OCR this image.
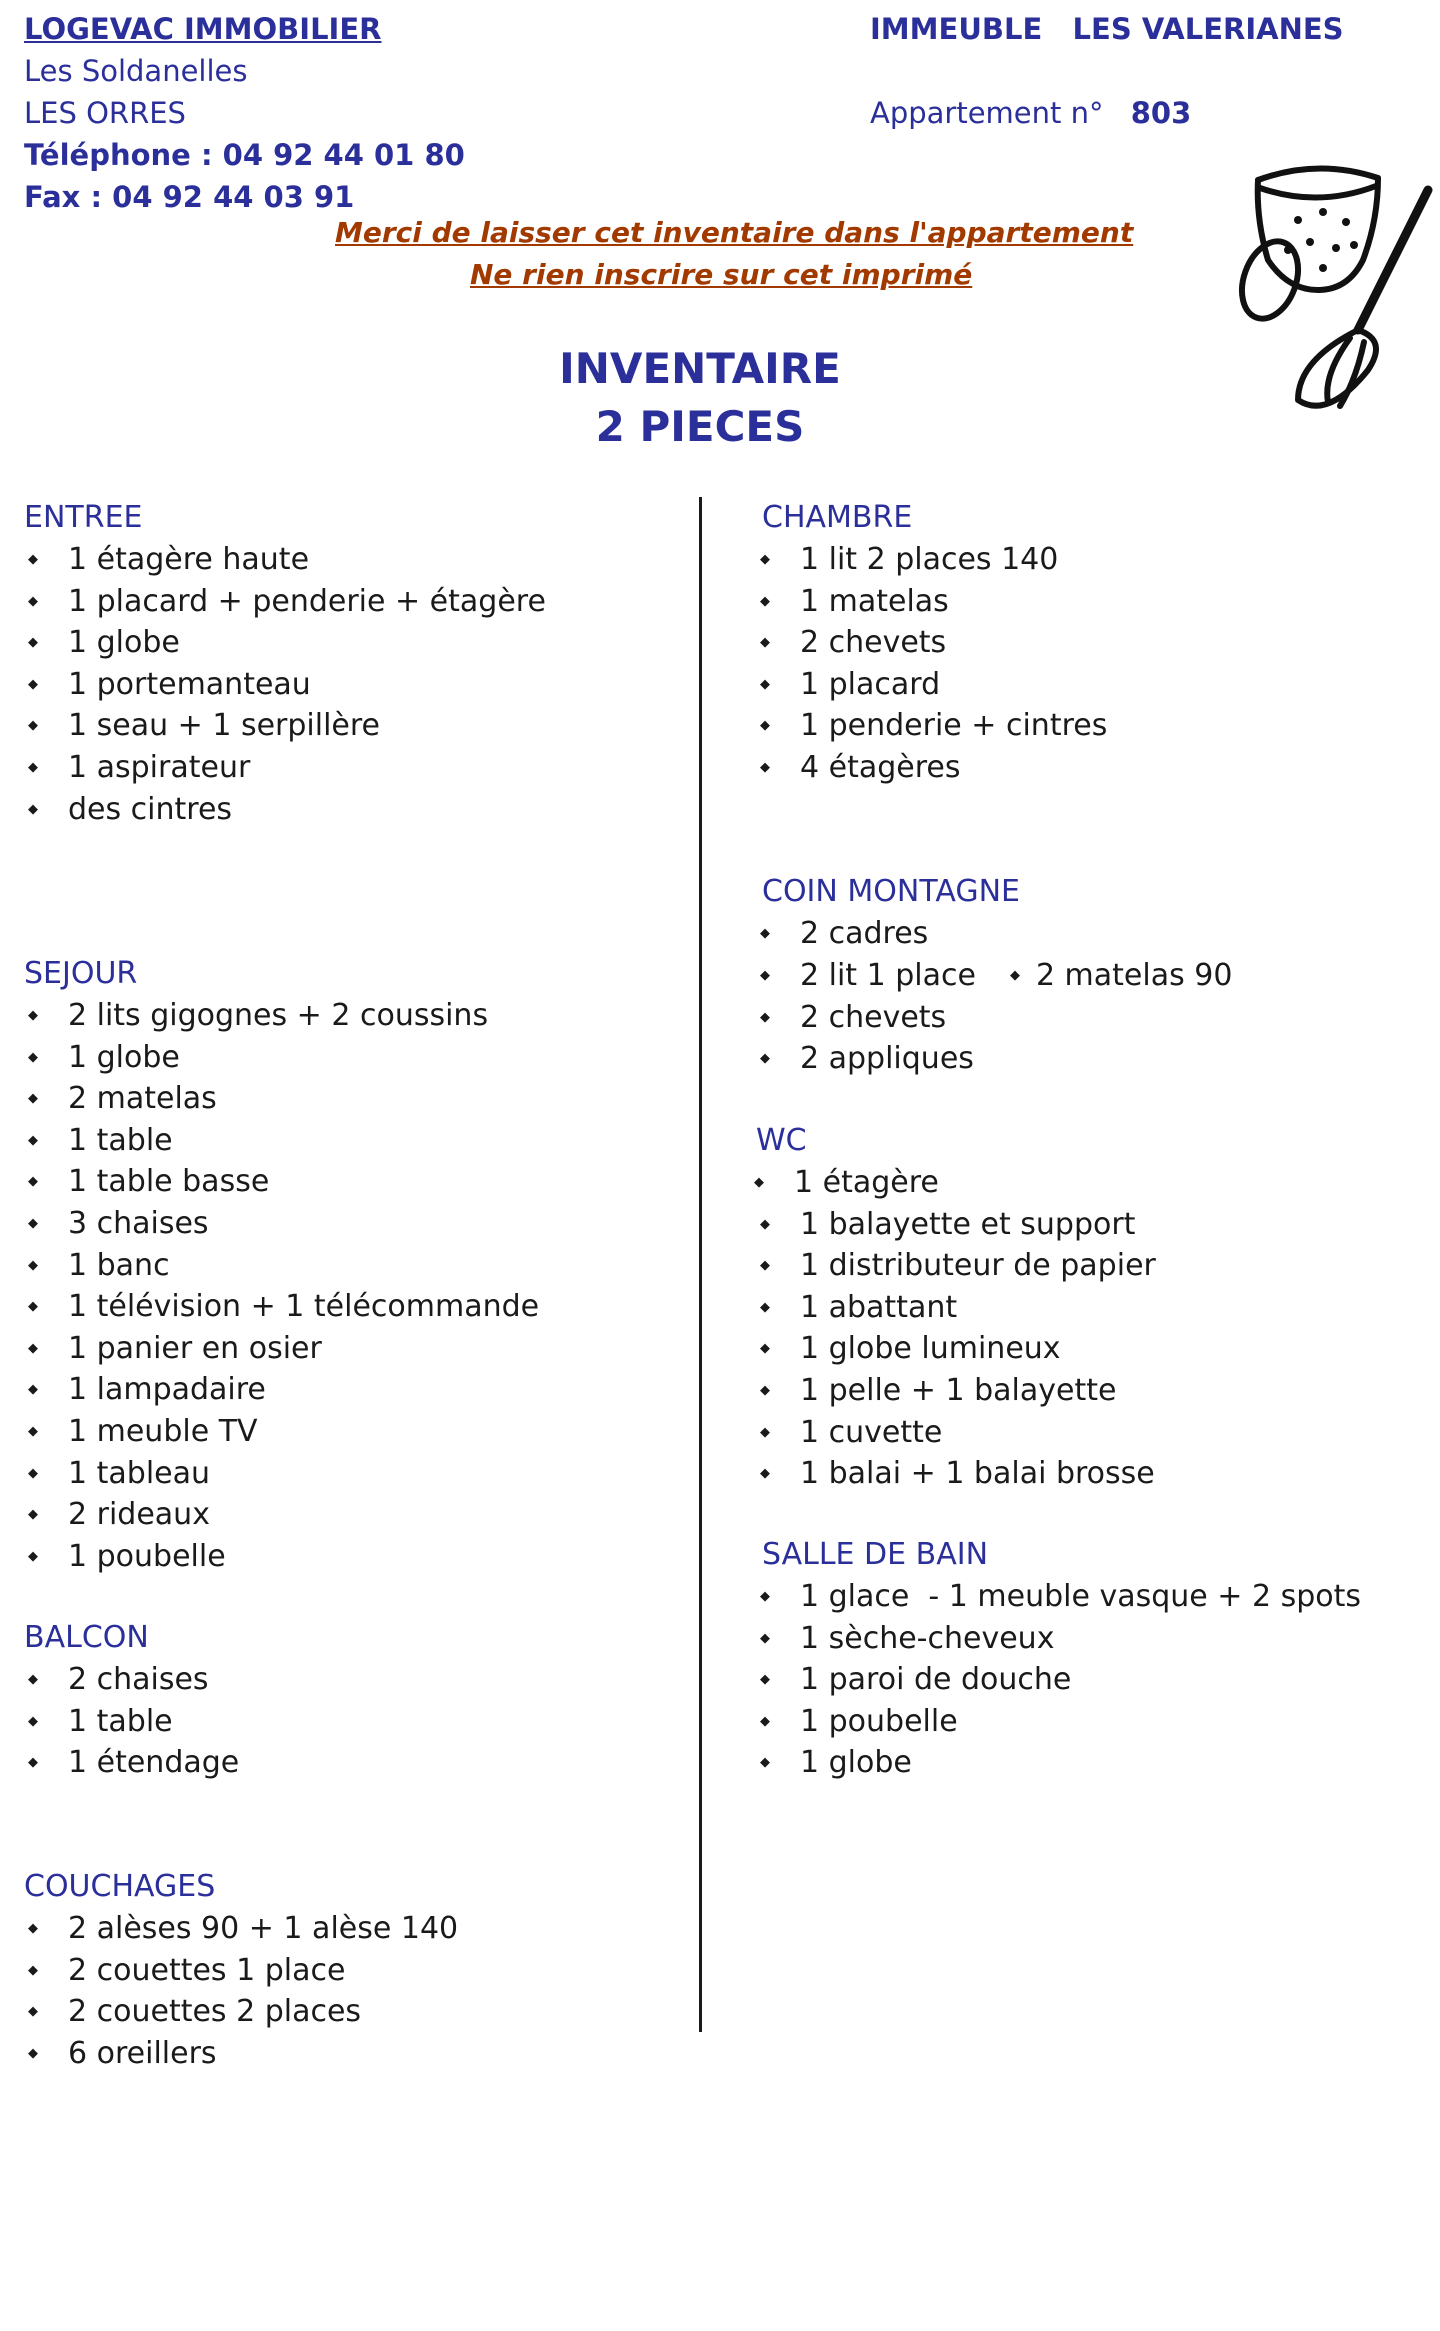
LOGEVAC IMMOBILIER
Les Soldanelles
LES ORRES
Téléphone : 04 92 44 01 80
Fax : 04 92 44 03 91
IMMEUBLE   LES VALERIANES
Appartement n° 803
Merci de laisser cet inventaire dans l'appartement
Ne rien inscrire sur cet imprimé
INVENTAIRE
2 PIECES
ENTREE
◆ 1 étagère haute
◆ 1 placard + penderie + étagère
◆ 1 globe
◆ 1 portemanteau
◆ 1 seau + 1 serpillère
◆ 1 aspirateur
◆ des cintres
SEJOUR
◆ 2 lits gigognes + 2 coussins
◆ 1 globe
◆ 2 matelas
◆ 1 table
◆ 1 table basse
◆ 3 chaises
◆ 1 banc
◆ 1 télévision + 1 télécommande
◆ 1 panier en osier
◆ 1 lampadaire
◆ 1 meuble TV
◆ 1 tableau
◆ 2 rideaux
◆ 1 poubelle
BALCON
◆ 2 chaises
◆ 1 table
◆ 1 étendage
COUCHAGES
◆ 2 alèses 90 + 1 alèse 140
◆ 2 couettes 1 place
◆ 2 couettes 2 places
◆ 6 oreillers
CHAMBRE
◆ 1 lit 2 places 140
◆ 1 matelas
◆ 2 chevets
◆ 1 placard
◆ 1 penderie + cintres
◆ 4 étagères
COIN MONTAGNE
◆ 2 cadres
◆ 2 lit 1 place ◆ 2 matelas 90
◆ 2 chevets
◆ 2 appliques
WC
◆ 1 étagère
◆ 1 balayette et support
◆ 1 distributeur de papier
◆ 1 abattant
◆ 1 globe lumineux
◆ 1 pelle + 1 balayette
◆ 1 cuvette
◆ 1 balai + 1 balai brosse
SALLE DE BAIN
◆ 1 glace  - 1 meuble vasque + 2 spots
◆ 1 sèche-cheveux
◆ 1 paroi de douche
◆ 1 poubelle
◆ 1 globe
